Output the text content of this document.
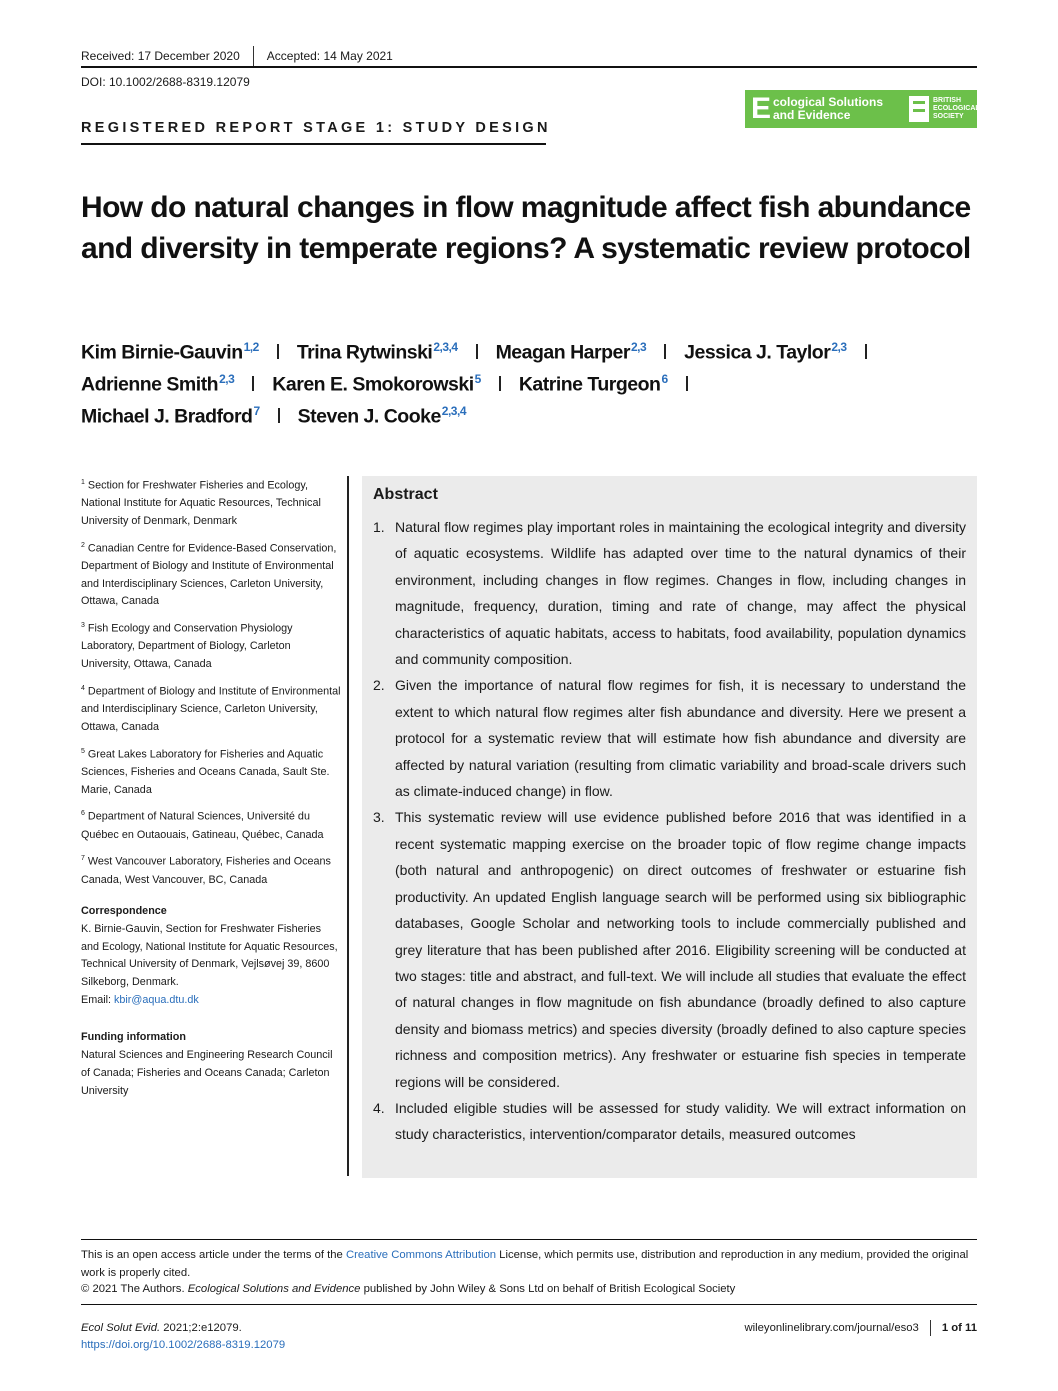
Received: 17 December 2020 Accepted: 14 May 2021
DOI: 10.1002/2688-8319.12079
E cological Solutions
and Evidence
BRITISH
ECOLOGICAL
SOCIETY
REGISTERED REPORT STAGE 1: STUDY DESIGN
How do natural changes in flow magnitude affect fish abundance and diversity in temperate regions? A systematic review protocol
Kim Birnie-Gauvin$^{1,2}$ Trina Rytwinski$^{2,3,4}$ Meagan Harper$^{2,3}$ Jessica J. Taylor$^{2,3}$
Adrienne Smith$^{2,3}$ Karen E. Smokorowski$^5$ Katrine Turgeon$^6$
Michael J. Bradford$^7$ Steven J. Cooke$^{2,3,4}$
$^1$ Section for Freshwater Fisheries and Ecology, National Institute for Aquatic Resources, Technical University of Denmark, Denmark
$^2$ Canadian Centre for Evidence-Based Conservation, Department of Biology and Institute of Environmental and Interdisciplinary Sciences, Carleton University, Ottawa, Canada
$^3$ Fish Ecology and Conservation Physiology Laboratory, Department of Biology, Carleton University, Ottawa, Canada
$^4$ Department of Biology and Institute of Environmental and Interdisciplinary Science, Carleton University, Ottawa, Canada
$^5$ Great Lakes Laboratory for Fisheries and Aquatic Sciences, Fisheries and Oceans Canada, Sault Ste. Marie, Canada
$^6$ Department of Natural Sciences, Université du Québec en Outaouais, Gatineau, Québec, Canada
$^7$ West Vancouver Laboratory, Fisheries and Oceans Canada, West Vancouver, BC, Canada
Correspondence
K. Birnie-Gauvin, Section for Freshwater Fisheries and Ecology, National Institute for Aquatic Resources, Technical University of Denmark, Vejlsøvej 39, 8600 Silkeborg, Denmark.
Email: kbir@aqua.dtu.dk
Funding information
Natural Sciences and Engineering Research Council of Canada; Fisheries and Oceans Canada; Carleton University
Abstract
1. Natural flow regimes play important roles in maintaining the ecological integrity and diversity of aquatic ecosystems. Wildlife has adapted over time to the natural dynamics of their environment, including changes in flow regimes. Changes in flow, including changes in magnitude, frequency, duration, timing and rate of change, may affect the physical characteristics of aquatic habitats, access to habitats, food availability, population dynamics and community composition.
2. Given the importance of natural flow regimes for fish, it is necessary to understand the extent to which natural flow regimes alter fish abundance and diversity. Here we present a protocol for a systematic review that will estimate how fish abundance and diversity are affected by natural variation (resulting from climatic variability and broad-scale drivers such as climate-induced change) in flow.
3. This systematic review will use evidence published before 2016 that was identified in a recent systematic mapping exercise on the broader topic of flow regime change impacts (both natural and anthropogenic) on direct outcomes of freshwater or estuarine fish productivity. An updated English language search will be performed using six bibliographic databases, Google Scholar and networking tools to include commercially published and grey literature that has been published after 2016. Eligibility screening will be conducted at two stages: title and abstract, and full-text. We will include all studies that evaluate the effect of natural changes in flow magnitude on fish abundance (broadly defined to also capture density and biomass metrics) and species diversity (broadly defined to also capture species richness and composition metrics). Any freshwater or estuarine fish species in temperate regions will be considered.
4. Included eligible studies will be assessed for study validity. We will extract information on study characteristics, intervention/comparator details, measured outcomes
This is an open access article under the terms of the Creative Commons Attribution License, which permits use, distribution and reproduction in any medium, provided the original work is properly cited.
© 2021 The Authors. Ecological Solutions and Evidence published by John Wiley & Sons Ltd on behalf of British Ecological Society
Ecol Solut Evid. 2021;2:e12079.
https://doi.org/10.1002/2688-8319.12079
wileyonlinelibrary.com/journal/eso3 1 of 11
